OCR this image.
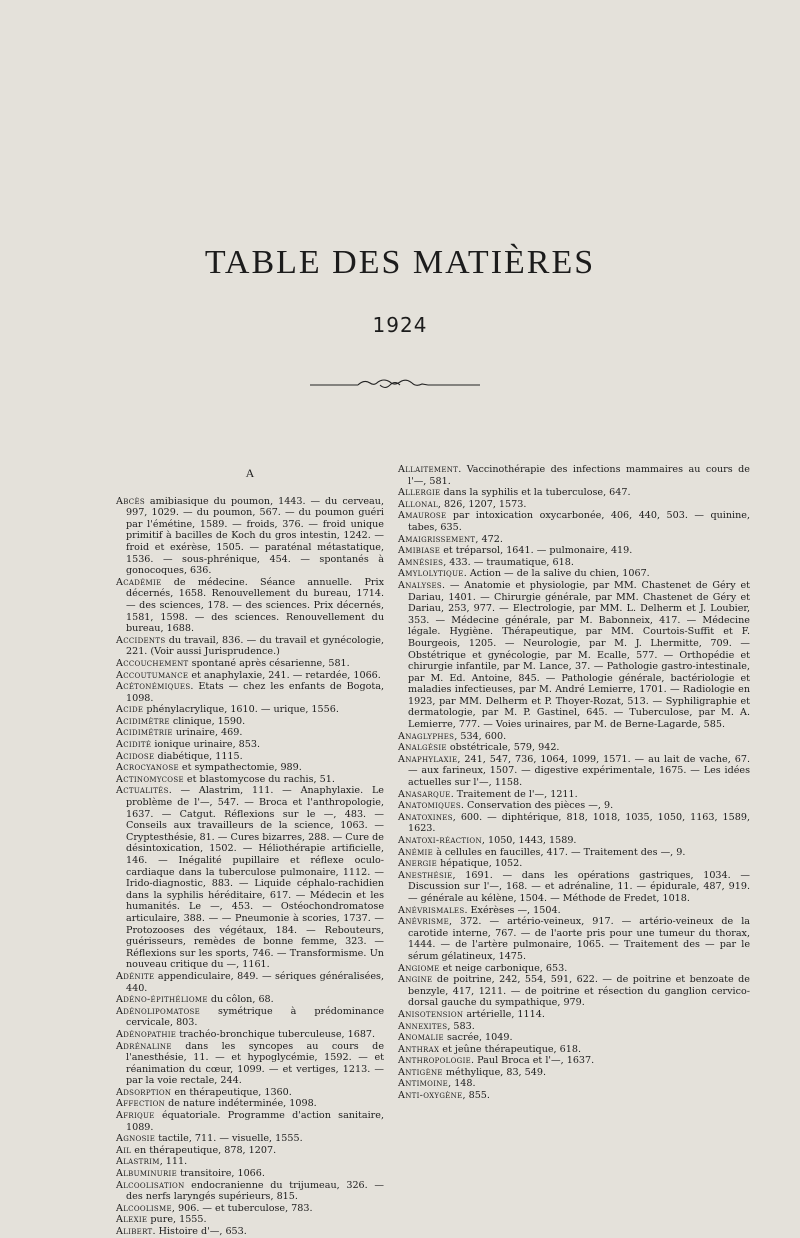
TABLE DES MATIÈRES
1924
A

Abcès amibiasique du poumon, 1443. — du cerveau, 997, 1029. — du poumon, 567. — du poumon guéri par l'émétine, 1589. — froids, 376. — froid unique primitif à bacilles de Koch du gros intestin, 1242. — froid et exérèse, 1505. — paraténal métastatique, 1536. — sous-phrénique, 454. — spontanés à gonocoques, 636.

Académie de médecine. Séance annuelle. Prix décernés, 1658. Renouvellement du bureau, 1714. — des sciences, 178. — des sciences. Prix décernés, 1581, 1598. — des sciences. Renouvellement du bureau, 1688.

Accidents du travail, 836. — du travail et gynécologie, 221. (Voir aussi Jurisprudence.)

Accouchement spontané après césarienne, 581.

Accoutumance et anaphylaxie, 241. — retardée, 1066.

Acétonémiques. Etats — chez les enfants de Bogota, 1098.

Acide phénylacrylique, 1610. — urique, 1556.

Acidimètre clinique, 1590.

Acidimétrie urinaire, 469.

Acidité ionique urinaire, 853.

Acidose diabétique, 1115.

Acrocyanose et sympathectomie, 989.

Actinomycose et blastomycose du rachis, 51.

Actualités. — Alastrim, 111. — Anaphylaxie. Le problème de l'—, 547. — Broca et l'anthropologie, 1637. — Catgut. Réflexions sur le —, 483. — Conseils aux travailleurs de la science, 1063. — Cryptesthésie, 81. — Cures bizarres, 288. — Cure de désintoxication, 1502. — Héliothérapie artificielle, 146. — Inégalité pupillaire et réflexe oculo-cardiaque dans la tuberculose pulmonaire, 1112. — Irido-diagnostic, 883. — Liquide céphalo-rachidien dans la syphilis héréditaire, 617. — Médecin et les humanités. Le —, 453. — Ostéochondromatose articulaire, 388. — — Pneumonie à scories, 1737. — Protozooses des végétaux, 184. — Rebouteurs, guérisseurs, remèdes de bonne femme, 323. — Réflexions sur les sports, 746. — Transformisme. Un nouveau critique du —, 1161.

Adénite appendiculaire, 849. — sériques généralisées, 440.

Adéno-épithéliome du côlon, 68.

Adénolipomatose symétrique à prédominance cervicale, 803.

Adénopathie trachéo-bronchique tuberculeuse, 1687.

Adrénaline dans les syncopes au cours de l'anesthésie, 11. — et hypoglycémie, 1592. — et réanimation du cœur, 1099. — et vertiges, 1213. — par la voie rectale, 244.

Adsorption en thérapeutique, 1360.

Affection de nature indéterminée, 1098.

Afrique équatoriale. Programme d'action sanitaire, 1089.

Agnosie tactile, 711. — visuelle, 1555.

Ail en thérapeutique, 878, 1207.

Alastrim, 111.

Albuminurie transitoire, 1066.

Alcoolisation endocranienne du trijumeau, 326. — des nerfs laryngés supérieurs, 815.

Alcoolisme, 906. — et tuberculose, 783.

Alexie pure, 1555.

Alibert. Histoire d'—, 653.

Allaitement. Vaccinothérapie des infections mammaires au cours de l'—, 581.

Allergie dans la syphilis et la tuberculose, 647.

Allonal, 826, 1207, 1573.

Amaurose par intoxication oxycarbonée, 406, 440, 503. — quinine, tabes, 635.

Amaigrissement, 472.

Amibiase et tréparsol, 1641. — pulmonaire, 419.

Amnésies, 433. — traumatique, 618.

Amylolytique. Action — de la salive du chien, 1067.

Analyses. — Anatomie et physiologie, par MM. Chastenet de Géry et Dariau, 1401. — Chirurgie générale, par MM. Chastenet de Géry et Dariau, 253, 977. — Electrologie, par MM. L. Delherm et J. Loubier, 353. — Médecine générale, par M. Babonneix, 417. — Médecine légale. Hygiène. Thérapeutique, par MM. Courtois-Suffit et F. Bourgeois, 1205. — Neurologie, par M. J. Lhermitte, 709. — Obstétrique et gynécologie, par M. Ecalle, 577. — Orthopédie et chirurgie infantile, par M. Lance, 37. — Pathologie gastro-intestinale, par M. Ed. Antoine, 845. — Pathologie générale, bactériologie et maladies infectieuses, par M. André Lemierre, 1701. — Radiologie en 1923, par MM. Delherm et P. Thoyer-Rozat, 513. — Syphiligraphie et dermatologie, par M. P. Gastinel, 645. — Tuberculose, par M. A. Lemierre, 777. — Voies urinaires, par M. de Berne-Lagarde, 585.

Anaglyphes, 534, 600.

Analgésie obstétricale, 579, 942.

Anaphylaxie, 241, 547, 736, 1064, 1099, 1571. — au lait de vache, 67. — aux farineux, 1507. — digestive expérimentale, 1675. — Les idées actuelles sur l'—, 1158.

Anasarque. Traitement de l'—, 1211.

Anatomiques. Conservation des pièces —, 9.

Anatoxines, 600. — diphtérique, 818, 1018, 1035, 1050, 1163, 1589, 1623.

Anatoxi-réaction, 1050, 1443, 1589.

Anémie à cellules en faucilles, 417. — Traitement des —, 9.

Anergie hépatique, 1052.

Anesthésie, 1691. — dans les opérations gastriques, 1034. — Discussion sur l'—, 168. — et adrénaline, 11. — épidurale, 487, 919. — générale au kélène, 1504. — Méthode de Fredet, 1018.

Anévrismales. Exérèses —, 1504.

Anévrisme, 372. — artério-veineux, 917. — artério-veineux de la carotide interne, 767. — de l'aorte pris pour une tumeur du thorax, 1444. — de l'artère pulmonaire, 1065. — Traitement des — par le sérum gélatineux, 1475.

Angiome et neige carbonique, 653.

Angine de poitrine, 242, 554, 591, 622. — de poitrine et benzoate de benzyle, 417, 1211. — de poitrine et résection du ganglion cervico-dorsal gauche du sympathique, 979.

Anisotension artérielle, 1114.

Annexites, 583.

Anomalie sacrée, 1049.

Anthrax et jeûne thérapeutique, 618.

Anthropologie. Paul Broca et l'—, 1637.

Antigène méthylique, 83, 549.

Antimoine, 148.

Anti-oxygène, 855.
